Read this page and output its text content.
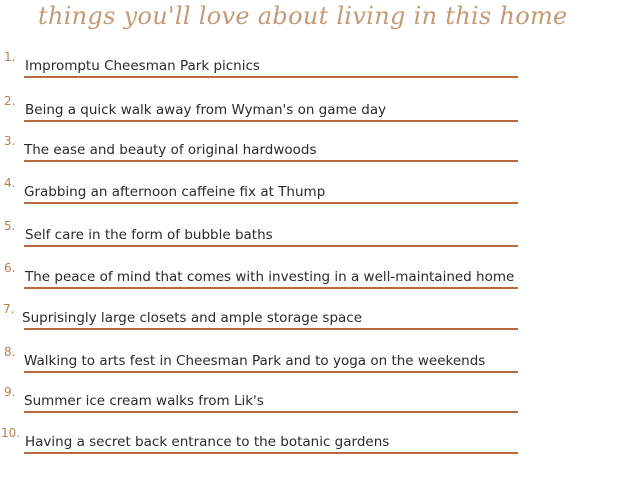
things you'll love about living in this home
1.
Impromptu Cheesman Park picnics
2.
Being a quick walk away from Wyman's on game day
3.
The ease and beauty of original hardwoods
4.
Grabbing an afternoon caffeine fix at Thump
5.
Self care in the form of bubble baths
6.
The peace of mind that comes with investing in a well-maintained home
7.
Suprisingly large closets and ample storage space
8.
Walking to arts fest in Cheesman Park and to yoga on the weekends
9.
Summer ice cream walks from Lik's
10.
Having a secret back entrance to the botanic gardens
